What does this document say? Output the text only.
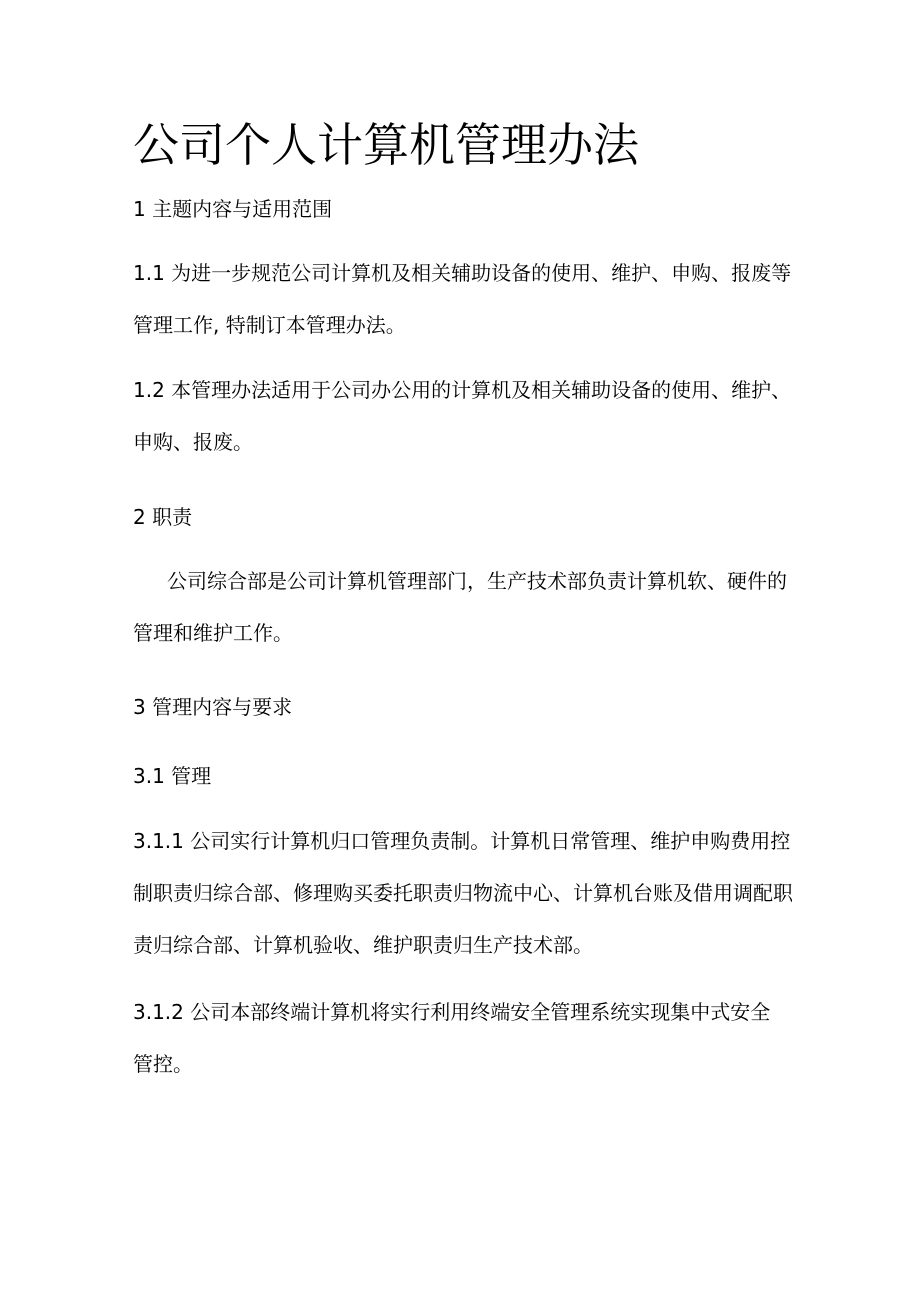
公司个人计算机管理办法

1 主题内容与适用范围

1.1 为进一步规范公司计算机及相关辅助设备的使用、维护、申购、报废等
管理工作, 特制订本管理办法。

1.2 本管理办法适用于公司办公用的计算机及相关辅助设备的使用、维护、
申购、报废。

2 职责

公司综合部是公司计算机管理部门，生产技术部负责计算机软、硬件的
管理和维护工作。

3 管理内容与要求

3.1 管理

3.1.1 公司实行计算机归口管理负责制。计算机日常管理、维护申购费用控
制职责归综合部、修理购买委托职责归物流中心、计算机台账及借用调配职
责归综合部、计算机验收、维护职责归生产技术部。

3.1.2 公司本部终端计算机将实行利用终端安全管理系统实现集中式安全
管控。
